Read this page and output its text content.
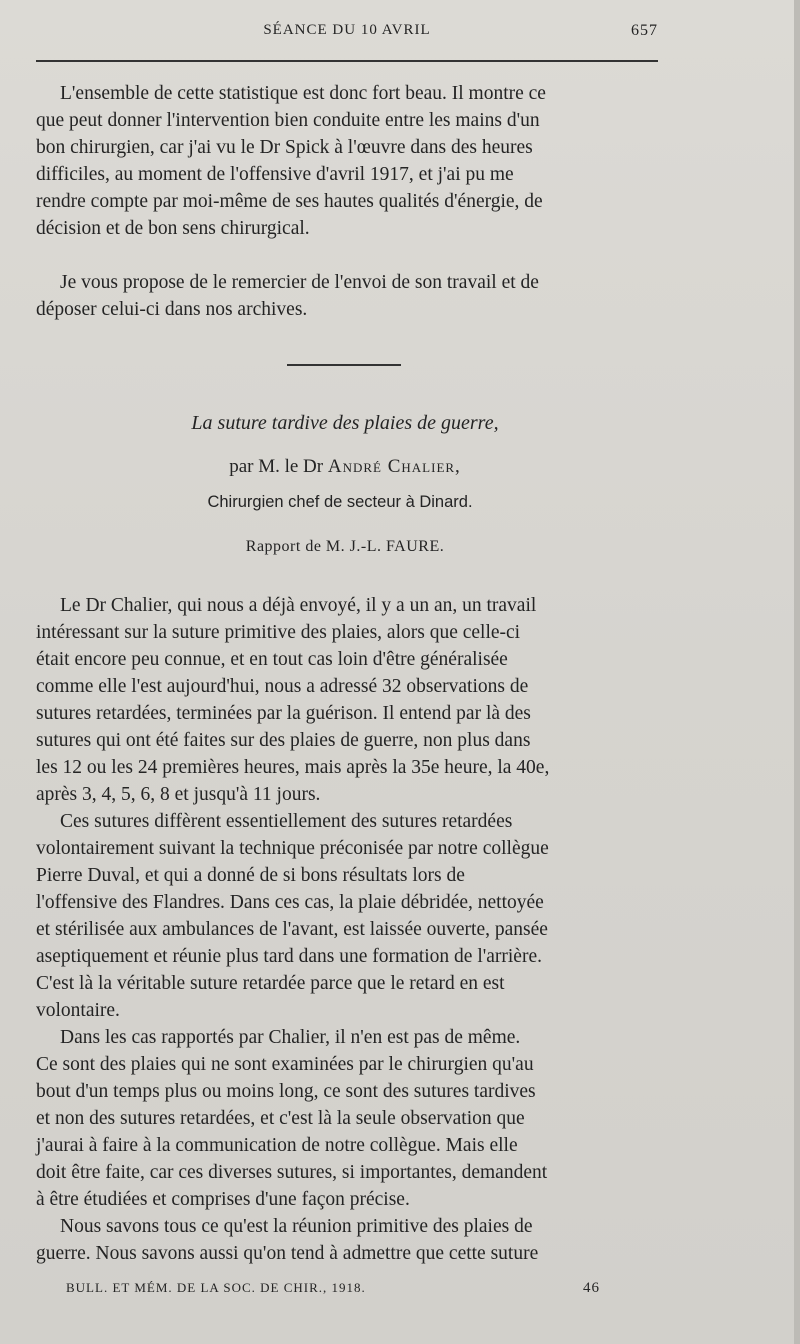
SÉANCE DU 10 AVRIL	657
L'ensemble de cette statistique est donc fort beau. Il montre ce
que peut donner l'intervention bien conduite entre les mains d'un
bon chirurgien, car j'ai vu le Dr Spick à l'œuvre dans des heures
difficiles, au moment de l'offensive d'avril 1917, et j'ai pu me
rendre compte par moi-même de ses hautes qualités d'énergie, de
décision et de bon sens chirurgical.
Je vous propose de le remercier de l'envoi de son travail et de
déposer celui-ci dans nos archives.
La suture tardive des plaies de guerre,
par M. le Dr André Chalier,
Chirurgien chef de secteur à Dinard.
Rapport de M. J.-L. FAURE.
Le Dr Chalier, qui nous a déjà envoyé, il y a un an, un travail
intéressant sur la suture primitive des plaies, alors que celle-ci
était encore peu connue, et en tout cas loin d'être généralisée
comme elle l'est aujourd'hui, nous a adressé 32 observations de
sutures retardées, terminées par la guérison. Il entend par là des
sutures qui ont été faites sur des plaies de guerre, non plus dans
les 12 ou les 24 premières heures, mais après la 35e heure, la 40e,
après 3, 4, 5, 6, 8 et jusqu'à 11 jours.
Ces sutures diffèrent essentiellement des sutures retardées
volontairement suivant la technique préconisée par notre collègue
Pierre Duval, et qui a donné de si bons résultats lors de
l'offensive des Flandres. Dans ces cas, la plaie débridée, nettoyée
et stérilisée aux ambulances de l'avant, est laissée ouverte, pansée
aseptiquement et réunie plus tard dans une formation de l'arrière.
C'est là la véritable suture retardée parce que le retard en est
volontaire.
Dans les cas rapportés par Chalier, il n'en est pas de même.
Ce sont des plaies qui ne sont examinées par le chirurgien qu'au
bout d'un temps plus ou moins long, ce sont des sutures tardives
et non des sutures retardées, et c'est là la seule observation que
j'aurai à faire à la communication de notre collègue. Mais elle
doit être faite, car ces diverses sutures, si importantes, demandent
à être étudiées et comprises d'une façon précise.
Nous savons tous ce qu'est la réunion primitive des plaies de
guerre. Nous savons aussi qu'on tend à admettre que cette suture
BULL. ET MÉM. DE LA SOC. DE CHIR., 1918.	46
